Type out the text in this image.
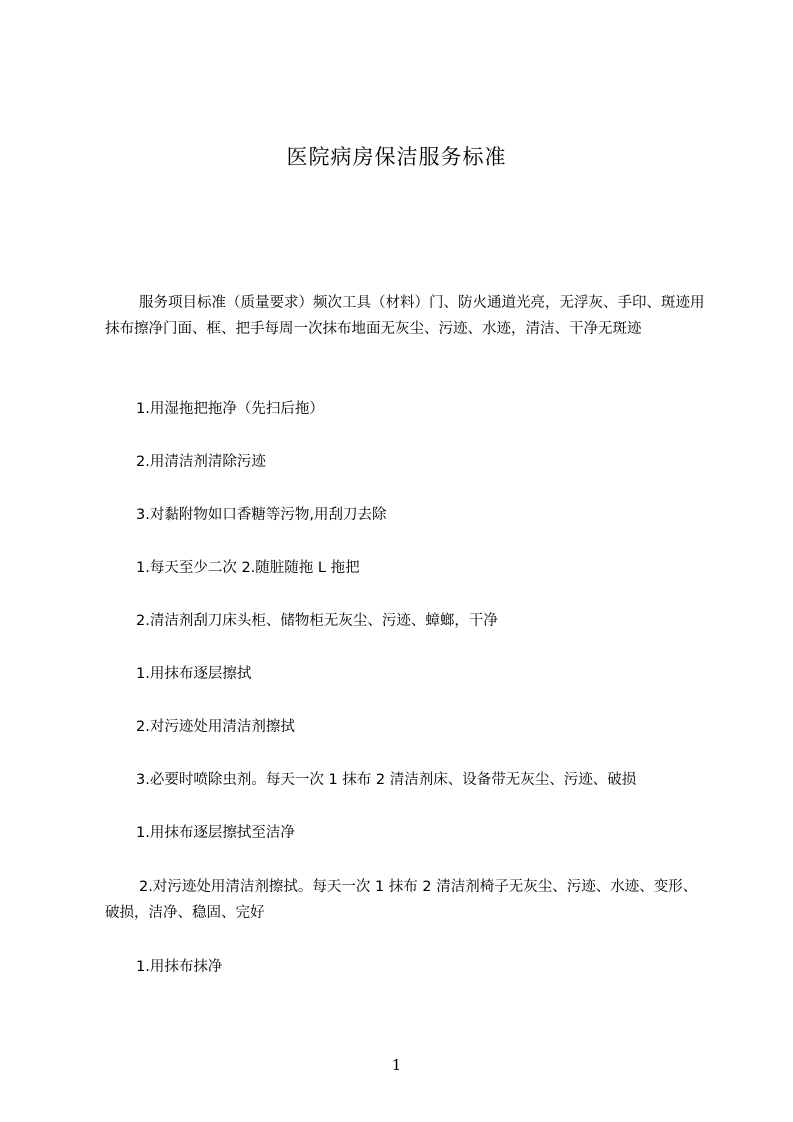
医院病房保洁服务标准
服务项目标准（质量要求）频次工具（材料）门、防火通道光亮，无浮灰、手印、斑迹用抹布擦净门面、框、把手每周一次抹布地面无灰尘、污迹、水迹，清洁、干净无斑迹
1.用湿拖把拖净（先扫后拖）
2.用清洁剂清除污迹
3.对黏附物如口香糖等污物,用刮刀去除
1.每天至少二次 2.随脏随拖 L 拖把
2.清洁剂刮刀床头柜、储物柜无灰尘、污迹、蟑螂，干净
1.用抹布逐层擦拭
2.对污迹处用清洁剂擦拭
3.必要时喷除虫剂。每天一次 1 抹布 2 清洁剂床、设备带无灰尘、污迹、破损
1.用抹布逐层擦拭至洁净
2.对污迹处用清洁剂擦拭。每天一次 1 抹布 2 清洁剂椅子无灰尘、污迹、水迹、变形、破损，洁净、稳固、完好
1.用抹布抹净
1
